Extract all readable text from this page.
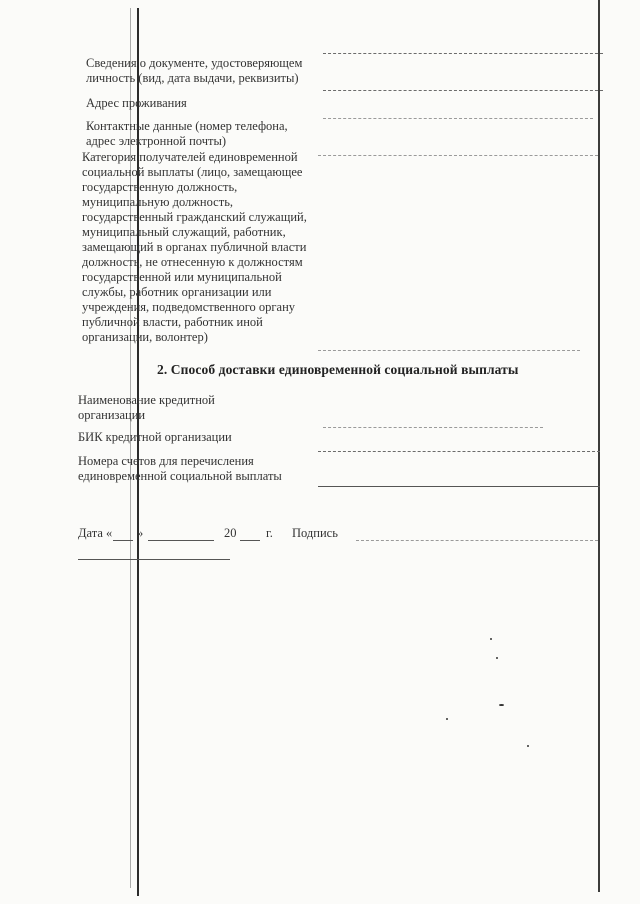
Сведения о документе, удостоверяющем
личность (вид, дата выдачи, реквизиты)
Адрес проживания
Контактные данные (номер телефона,
адрес электронной почты)
Категория получателей единовременной
социальной выплаты (лицо, замещающее
государственную должность,
муниципальную должность,
государственный гражданский служащий,
муниципальный служащий, работник,
замещающий в органах публичной власти
должность, не отнесенную к должностям
государственной или муниципальной
службы, работник организации или
учреждения, подведомственного органу
публичной власти, работник иной
организации, волонтер)
2. Способ доставки единовременной социальной выплаты
Наименование кредитной
организации
БИК кредитной организации
Номера счетов для перечисления
единовременной социальной выплаты
Дата « »	20 г. Подпись
